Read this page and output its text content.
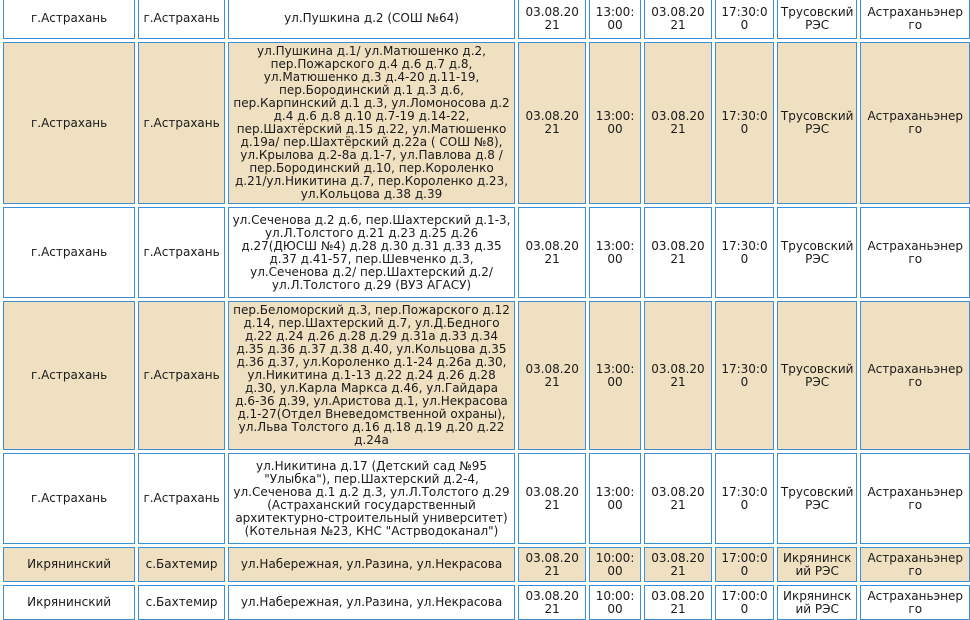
г.Астрахань	г.Астрахань	ул.Пушкина д.2 (СОШ №64)	03.08.2021	13:00:00	03.08.2021	17:30:00	Трусовский РЭС	Астраханьэнерго
г.Астрахань	г.Астрахань	ул.Пушкина д.1/ ул.Матюшенко д.2, пер.Пожарского д.4 д.6 д.7 д.8, ул.Матюшенко д.3 д.4-20 д.11-19, пер.Бородинский д.1 д.3 д.6, пер.Карпинский д.1 д.3, ул.Ломоносова д.2 д.4 д.6 д.8 д.10 д.7-19 д.14-22, пер.Шахтёрский д.15 д.22, ул.Матюшенко д.19а/ пер.Шахтёрский д.22а ( СОШ №8), ул.Крылова д.2-8а д.1-7, ул.Павлова д.8 /пер.Бородинский д.10, пер.Короленко д.21/ул.Никитина д.7, пер.Короленко д.23, ул.Кольцова д.38 д.39	03.08.2021	13:00:00	03.08.2021	17:30:00	Трусовский РЭС	Астраханьэнерго
г.Астрахань	г.Астрахань	ул.Сеченова д.2 д.6, пер.Шахтерский д.1-3, ул.Л.Толстого д.21 д.23 д.25 д.26 д.27(ДЮСШ №4) д.28 д.30 д.31 д.33 д.35 д.37 д.41-57, пер.Шевченко д.3, ул.Сеченова д.2/ пер.Шахтерский д.2/ул.Л.Толстого д.29 (ВУЗ АГАСУ)	03.08.2021	13:00:00	03.08.2021	17:30:00	Трусовский РЭС	Астраханьэнерго
г.Астрахань	г.Астрахань	пер.Беломорский д.3, пер.Пожарского д.12 д.14, пер.Шахтерский д.7, ул.Д.Бедного д.22 д.24 д.26 д.28 д.29 д.31а д.33 д.34 д.35 д.36 д.37 д.38 д.40, ул.Кольцова д.35 д.36 д.37, ул.Короленко д.1-24 д.26а д.30, ул.Никитина д.1-13 д.22 д.24 д.26 д.28 д.30, ул.Карла Маркса д.46, ул.Гайдара д.6-36 д.39, ул.Аристова д.1, ул.Некрасова д.1-27(Отдел Вневедомственной охраны), ул.Льва Толстого д.16 д.18 д.19 д.20 д.22 д.24а	03.08.2021	13:00:00	03.08.2021	17:30:00	Трусовский РЭС	Астраханьэнерго
г.Астрахань	г.Астрахань	ул.Никитина д.17 (Детский сад №95 "Улыбка"), пер.Шахтерский д.2-4, ул.Сеченова д.1 д.2 д.3, ул.Л.Толстого д.29 (Астраханский государственный архитектурно-строительный университет) (Котельная №23, КНС "Астрводоканал")	03.08.2021	13:00:00	03.08.2021	17:30:00	Трусовский РЭС	Астраханьэнерго
Икрянинский	с.Бахтемир	ул.Набережная, ул.Разина, ул.Некрасова	03.08.2021	10:00:00	03.08.2021	17:00:00	Икрянинский РЭС	Астраханьэнерго
Икрянинский	с.Бахтемир	ул.Набережная, ул.Разина, ул.Некрасова	03.08.2021	10:00:00	03.08.2021	17:00:00	Икрянинский РЭС	Астраханьэнерго
